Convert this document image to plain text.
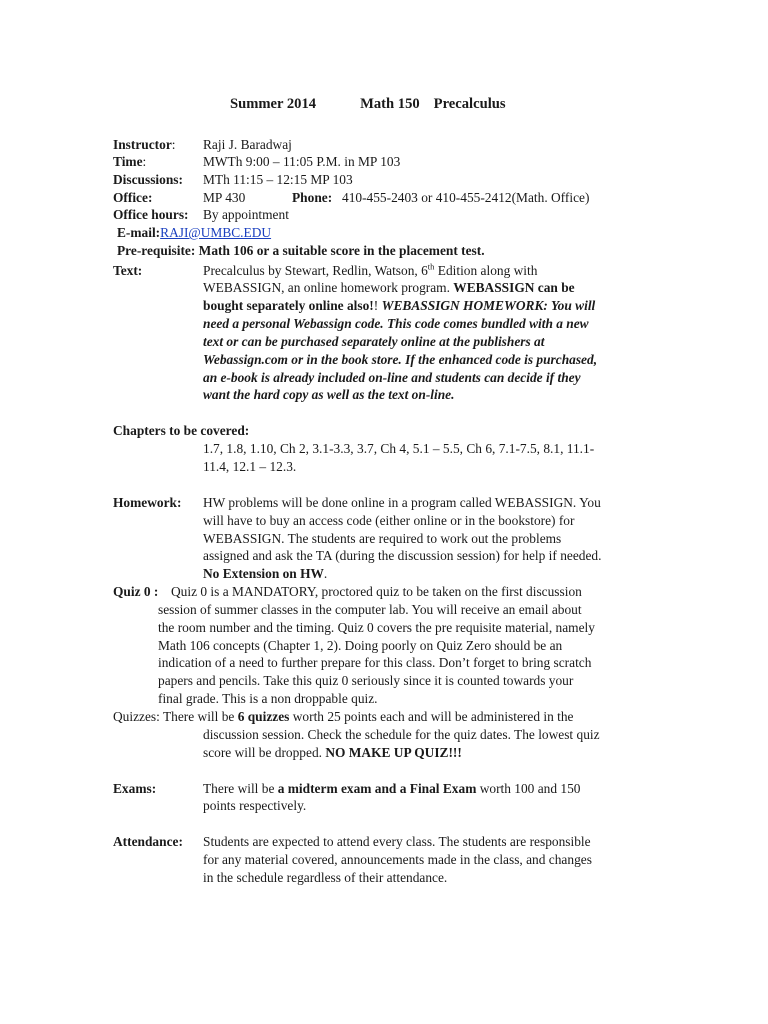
Summer 2014	Math 150 Precalculus
Instructor: Raji J. Baradwaj
Time:	MWTh 9:00 – 11:05 P.M. in MP 103
Discussions: MTh 11:15 – 12:15 MP 103
Office:	MP 430	Phone: 410-455-2403 or 410-455-2412(Math. Office)
Office hours: By appointment
E-mail:RAJI@UMBC.EDU
Pre-requisite: Math 106 or a suitable score in the placement test.
Text:	Precalculus by Stewart, Redlin, Watson, 6th Edition along with
WEBASSIGN, an online homework program. WEBASSIGN can be
bought separately online also!! WEBASSIGN HOMEWORK: You will
need a personal Webassign code. This code comes bundled with a new
text or can be purchased separately online at the publishers at
Webassign.com or in the book store. If the enhanced code is purchased,
an e-book is already included on-line and students can decide if they
want the hard copy as well as the text on-line.
Chapters to be covered:
1.7, 1.8, 1.10, Ch 2, 3.1-3.3, 3.7, Ch 4, 5.1 – 5.5, Ch 6, 7.1-7.5, 8.1, 11.1-
11.4, 12.1 – 12.3.
Homework: HW problems will be done online in a program called WEBASSIGN. You
will have to buy an access code (either online or in the bookstore) for
WEBASSIGN. The students are required to work out the problems
assigned and ask the TA (during the discussion session) for help if needed.
No Extension on HW.
Quiz 0 : Quiz 0 is a MANDATORY, proctored quiz to be taken on the first discussion
session of summer classes in the computer lab. You will receive an email about
the room number and the timing. Quiz 0 covers the pre requisite material, namely
Math 106 concepts (Chapter 1, 2). Doing poorly on Quiz Zero should be an
indication of a need to further prepare for this class. Don’t forget to bring scratch
papers and pencils. Take this quiz 0 seriously since it is counted towards your
final grade. This is a non droppable quiz.
Quizzes: There will be 6 quizzes worth 25 points each and will be administered in the
discussion session. Check the schedule for the quiz dates. The lowest quiz
score will be dropped. NO MAKE UP QUIZ!!!
Exams:	There will be a midterm exam and a Final Exam worth 100 and 150
points respectively.
Attendance: Students are expected to attend every class. The students are responsible
for any material covered, announcements made in the class, and changes
in the schedule regardless of their attendance.
